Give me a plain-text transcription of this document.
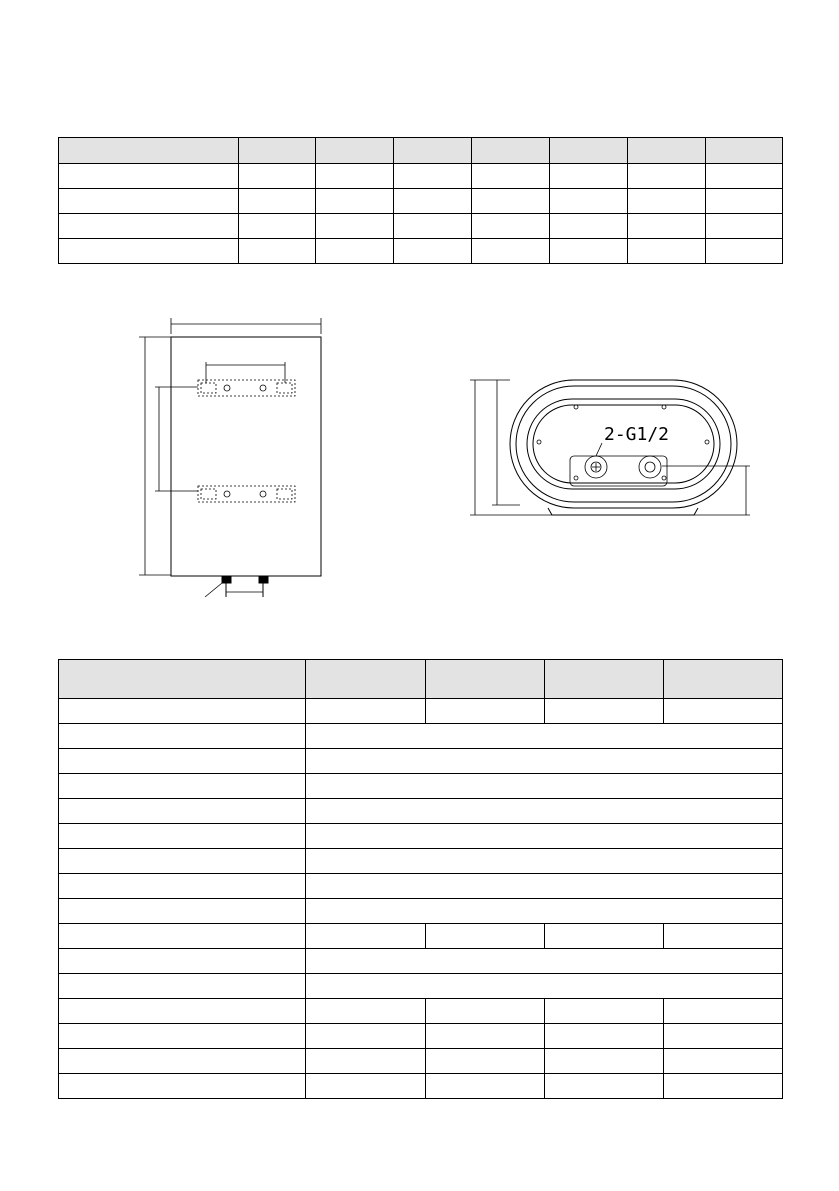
2-G1/2
